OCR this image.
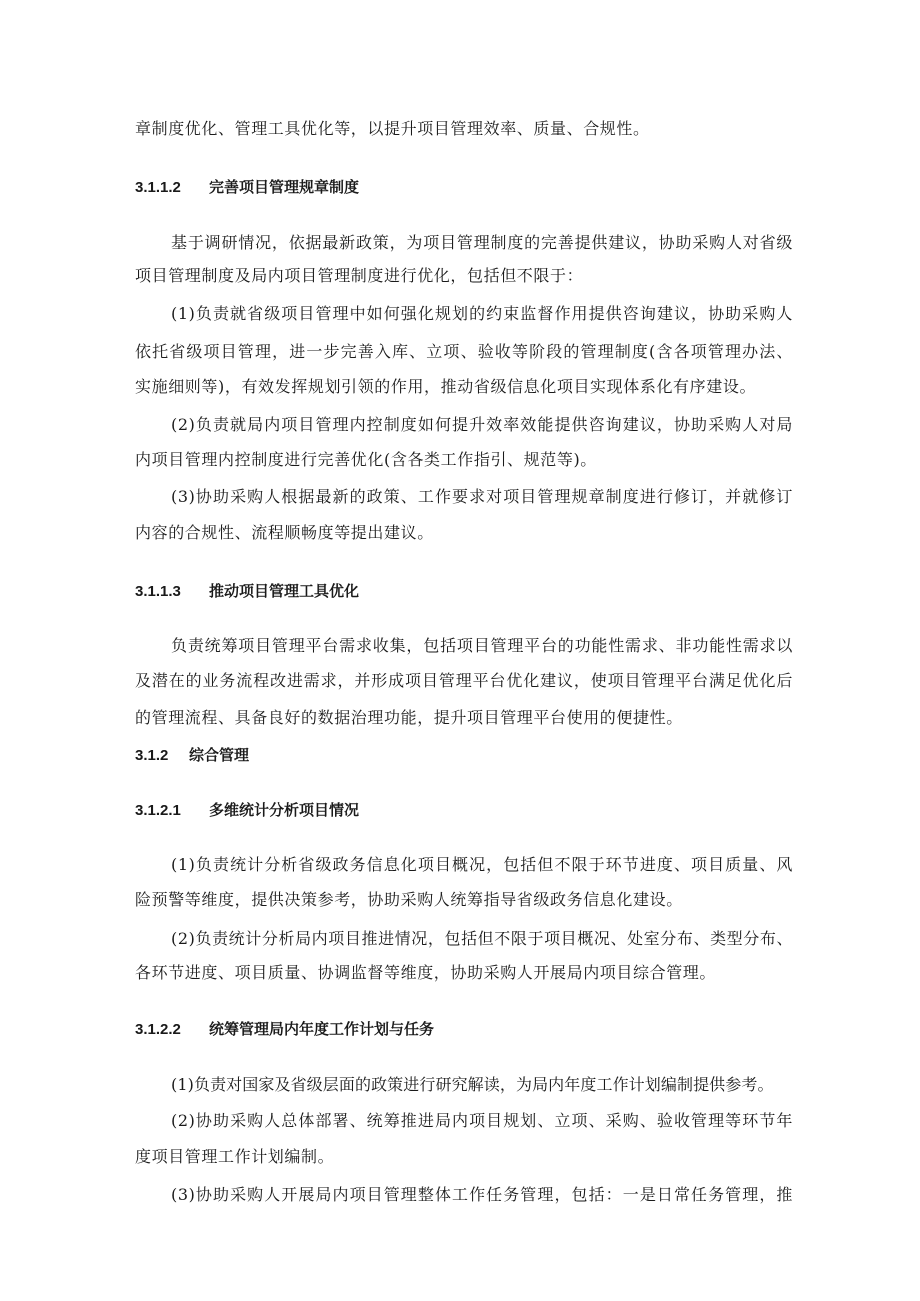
章制度优化、管理工具优化等，以提升项目管理效率、质量、合规性。
3.1.1.2 完善项目管理规章制度
基于调研情况，依据最新政策，为项目管理制度的完善提供建议，协助采购人对省级
项目管理制度及局内项目管理制度进行优化，包括但不限于：
(1)负责就省级项目管理中如何强化规划的约束监督作用提供咨询建议，协助采购人
依托省级项目管理，进一步完善入库、立项、验收等阶段的管理制度(含各项管理办法、
实施细则等)，有效发挥规划引领的作用，推动省级信息化项目实现体系化有序建设。
(2)负责就局内项目管理内控制度如何提升效率效能提供咨询建议，协助采购人对局
内项目管理内控制度进行完善优化(含各类工作指引、规范等)。
(3)协助采购人根据最新的政策、工作要求对项目管理规章制度进行修订，并就修订
内容的合规性、流程顺畅度等提出建议。
3.1.1.3 推动项目管理工具优化
负责统筹项目管理平台需求收集，包括项目管理平台的功能性需求、非功能性需求以
及潜在的业务流程改进需求，并形成项目管理平台优化建议，使项目管理平台满足优化后
的管理流程、具备良好的数据治理功能，提升项目管理平台使用的便捷性。
3.1.2 综合管理
3.1.2.1 多维统计分析项目情况
(1)负责统计分析省级政务信息化项目概况，包括但不限于环节进度、项目质量、风
险预警等维度，提供决策参考，协助采购人统筹指导省级政务信息化建设。
(2)负责统计分析局内项目推进情况，包括但不限于项目概况、处室分布、类型分布、
各环节进度、项目质量、协调监督等维度，协助采购人开展局内项目综合管理。
3.1.2.2 统筹管理局内年度工作计划与任务
(1)负责对国家及省级层面的政策进行研究解读，为局内年度工作计划编制提供参考。
(2)协助采购人总体部署、统筹推进局内项目规划、立项、采购、验收管理等环节年
度项目管理工作计划编制。
(3)协助采购人开展局内项目管理整体工作任务管理，包括：一是日常任务管理，推
